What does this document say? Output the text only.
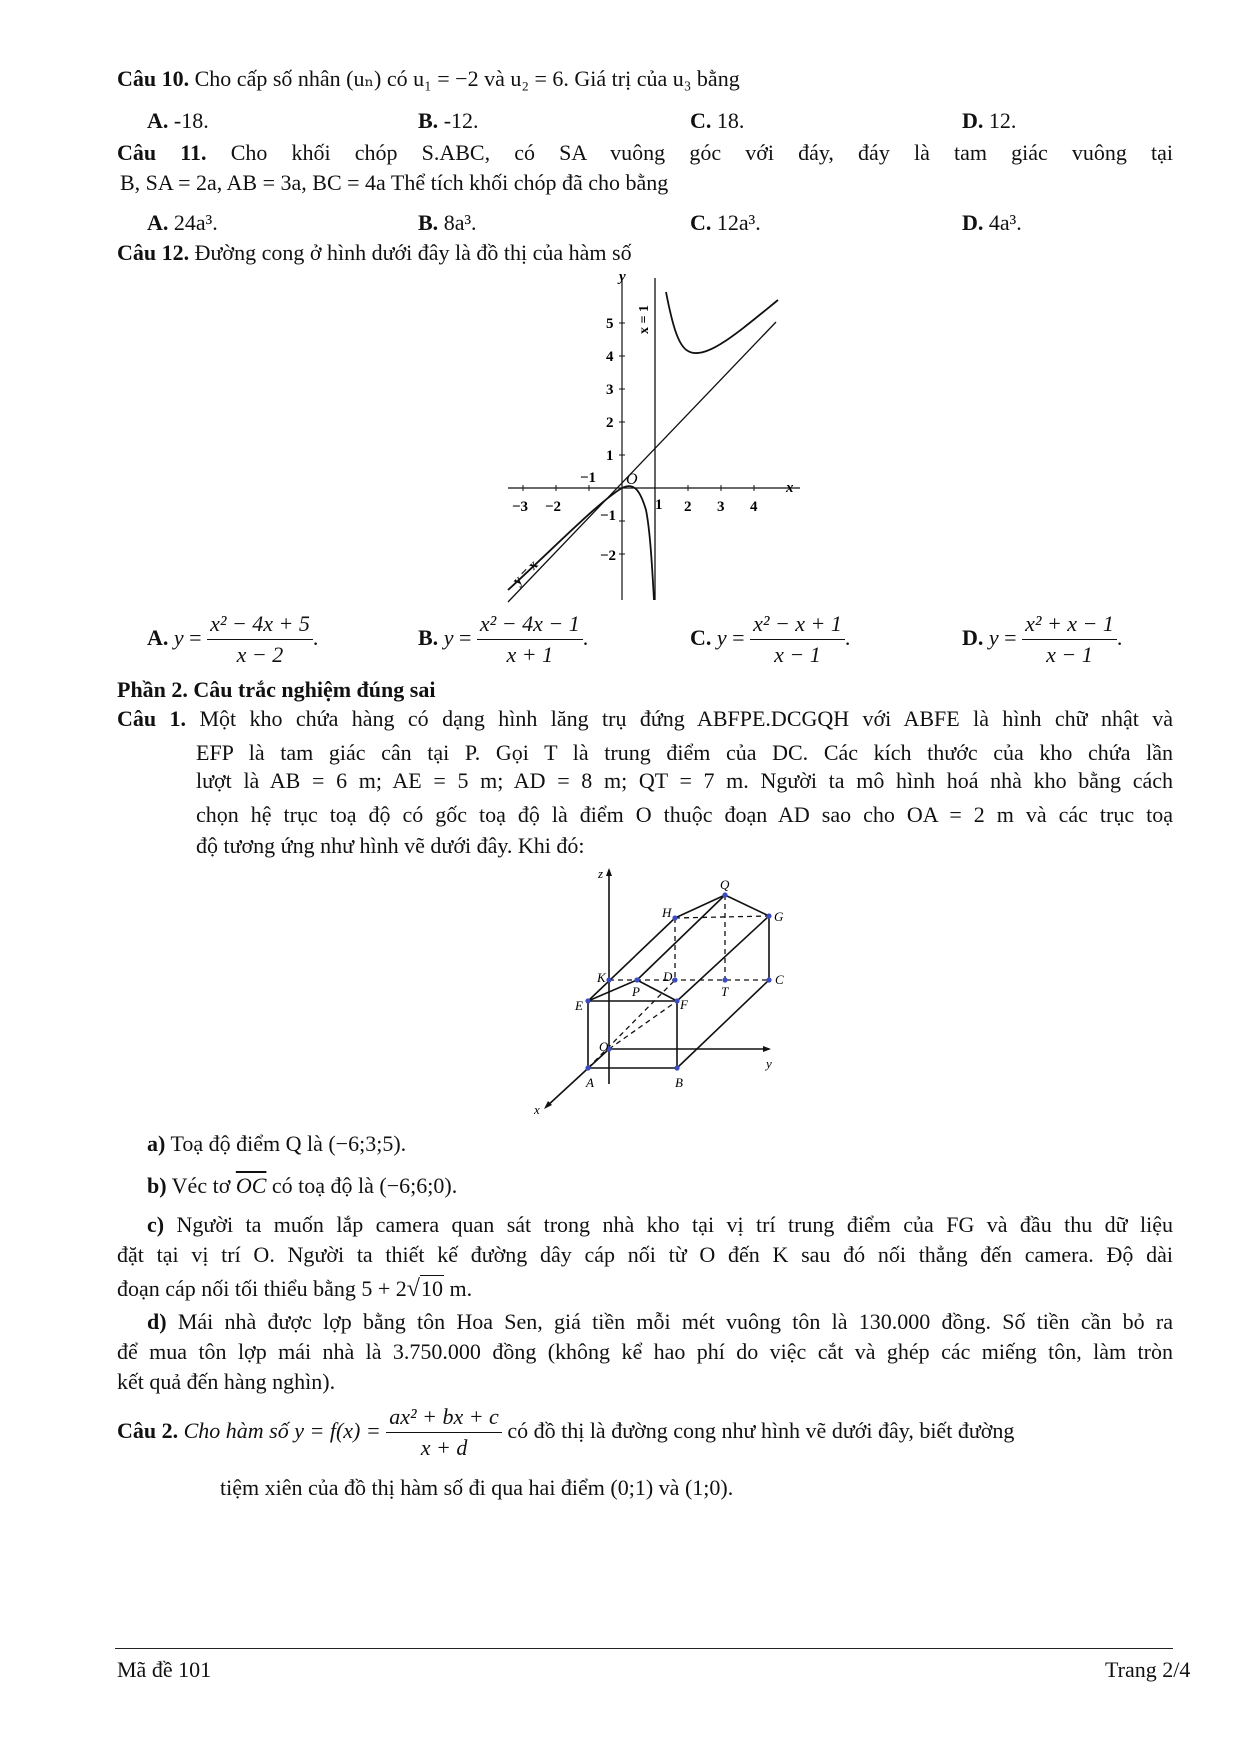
Câu 10. Cho cấp số nhân (uₙ) có u₁ = −2 và u₂ = 6. Giá trị của u₃ bằng
A. -18.	B. -12.	C. 18.	D. 12.
Câu 11. Cho khối chóp S.ABC, có SA vuông góc với đáy, đáy là tam giác vuông tại
B, SA = 2a, AB = 3a, BC = 4a Thể tích khối chóp đã cho bằng
A. 24a³.	B. 8a³.	C. 12a³.	D. 4a³.
Câu 12. Đường cong ở hình dưới đây là đồ thị của hàm số
x
y
O
−3 −2	1 2 3 4
5
4
3
2
1
−1
−2
−1
x = 1
y = x
A. $y = \frac{\text{x² − 4x + 5}}{x - 2}$ .	B. $y = \frac{\text{x² − 4x − 1}}{x + 1}$ .	C. $y = \frac{\text{x² − x + 1}}{x - 1}$ .	D. $y = \frac{\text{x² + x − 1}}{x - 1}$ .
Phần 2. Câu trắc nghiệm đúng sai
Câu 1. Một kho chứa hàng có dạng hình lăng trụ đứng ABFPE.DCGQH với ABFE là hình chữ nhật và
EFP là tam giác cân tại P. Gọi T là trung điểm của DC. Các kích thước của kho chứa lần
lượt là AB = 6 m; AE = 5 m; AD = 8 m; QT = 7 m. Người ta mô hình hoá nhà kho bằng cách
chọn hệ trục toạ độ có gốc toạ độ là điểm O thuộc đoạn AD sao cho OA = 2 m và các trục toạ
độ tương ứng như hình vẽ dưới đây. Khi đó:
z
y
x
Q
H	G
K	D	C
P	T
E	F
O
A	B
a) Toạ độ điểm Q là (−6;3;5).
b) Véc tơ $\overline{OC}$ có toạ độ là (−6;6;0).
c) Người ta muốn lắp camera quan sát trong nhà kho tại vị trí trung điểm của FG và đầu thu dữ liệu
đặt tại vị trí O. Người ta thiết kế đường dây cáp nối từ O đến K sau đó nối thẳng đến camera. Độ dài
đoạn cáp nối tối thiểu bằng 5 + 2√10 m.
d) Mái nhà được lợp bằng tôn Hoa Sen, giá tiền mỗi mét vuông tôn là 130.000 đồng. Số tiền cần bỏ ra
để mua tôn lợp mái nhà là 3.750.000 đồng (không kể hao phí do việc cắt và ghép các miếng tôn, làm tròn
kết quả đến hàng nghìn).
Câu 2. Cho hàm số $y = f(x) = \frac{\text{ax² + bx + c}}{x + d}$ có đồ thị là đường cong như hình vẽ dưới đây, biết đường
tiệm xiên của đồ thị hàm số đi qua hai điểm (0;1) và (1;0).
Mã đề 101	Trang 2/4
